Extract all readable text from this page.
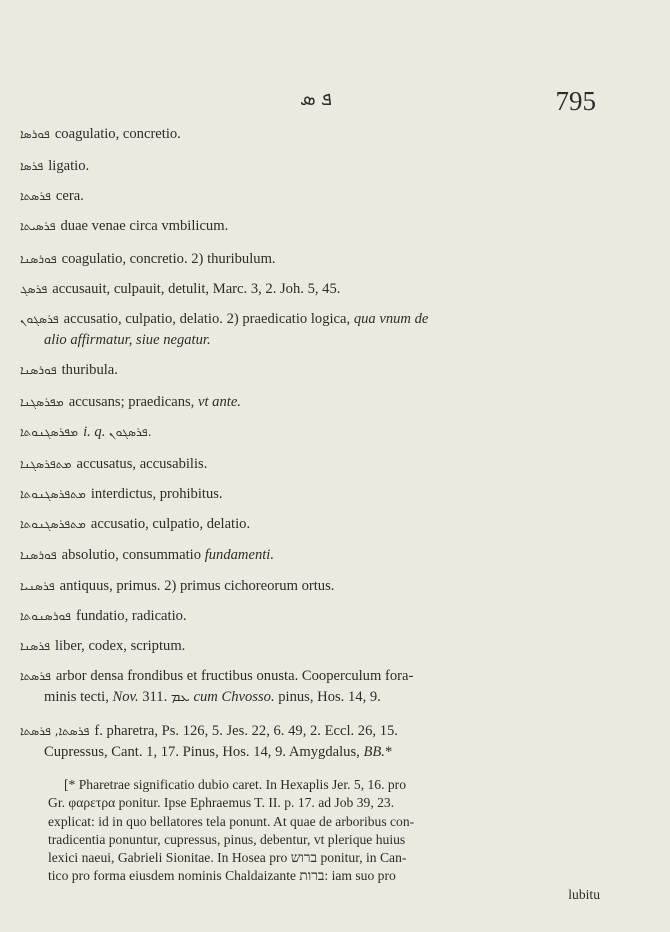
ܦ ܣ	795
ܦܘܪܣܐ coagulatio, concretio.
ܦܪܣܐ ligatio.
ܦܪܣܬܐ cera.
ܦܪܣܝܬܐ duae venae circa vmbilicum.
ܦܘܪܣܢܐ coagulatio, concretio. 2) thuribulum.
ܦܪܣܓ accusauit, culpauit, detulit, Marc. 3, 2. Joh. 5, 45.
ܦܪܣܓܘܢ accusatio, culpatio, delatio. 2) praedicatio logica, qua vnum de
alio affirmatur, siue negatur.
ܦܘܪܣܢܐ thuribula.
ܡܦܪܣܓܢܐ accusans; praedicans, vt ante.
ܡܦܪܣܓܢܘܬܐ i. q. ܦܪܣܓܘܢ.
ܡܬܦܪܣܓܢܐ accusatus, accusabilis.
ܡܬܦܪܣܓܢܘܬܐ interdictus, prohibitus.
ܡܬܦܪܣܓܢܘܬܐ accusatio, culpatio, delatio.
ܦܘܪܣܢܐ absolutio, consummatio fundamenti.
ܦܪܣܢܝܐ antiquus, primus. 2) primus cichoreorum ortus.
ܦܘܪܣܢܘܬܐ fundatio, radicatio.
ܦܪܣܢܐ liber, codex, scriptum.
ܦܪܣܬܐ arbor densa frondibus et fructibus onusta. Cooperculum fora-
minis tecti, Nov. 311. ܥܡ cum Chvosso. pinus, Hos. 14, 9.
ܦܪܣܬܐ, ܦܪܣܬܐ f. pharetra, Ps. 126, 5. Jes. 22, 6. 49, 2. Eccl. 26, 15.
Cupressus, Cant. 1, 17. Pinus, Hos. 14, 9. Amygdalus, BB.*
[* Pharetrae significatio dubio caret. In Hexaplis Jer. 5, 16. pro
Gr. φαρετρα ponitur. Ipse Ephraemus T. II. p. 17. ad Job 39, 23.
explicat: id in quo bellatores tela ponunt. At quae de arboribus con-
tradicentia ponuntur, cupressus, pinus, debentur, vt plerique huius
lexici naeui, Gabrieli Sionitae. In Hosea pro ברוש ponitur, in Can-
tico pro forma eiusdem nominis Chaldaizante ברות: iam suo pro
lubitu
